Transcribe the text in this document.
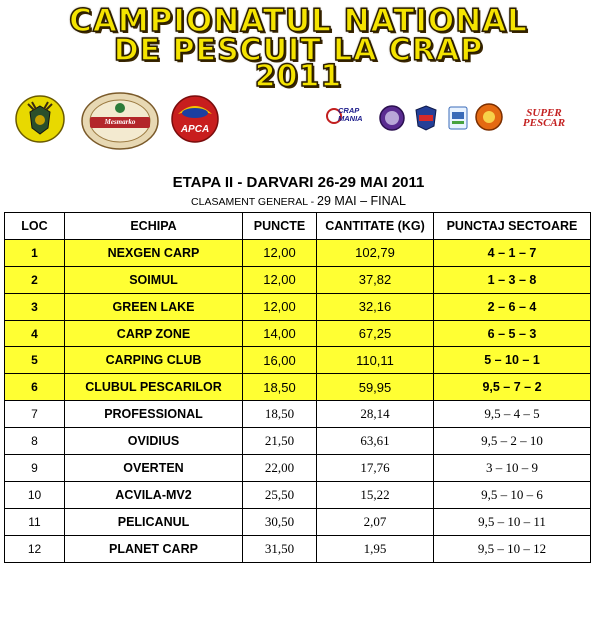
CAMPIONATUL NATIONAL
DE PESCUIT LA CRAP
2011
Mesmarko
APCA
CRAP MANIA	SUPER PESCAR
ETAPA II - DARVARI 26-29 MAI 2011
CLASAMENT GENERAL - 29 MAI – FINAL
LOC	ECHIPA	PUNCTE	CANTITATE (KG)	PUNCTAJ SECTOARE
1	NEXGEN CARP	12,00	102,79	4 – 1 – 7
2	SOIMUL	12,00	37,82	1 – 3 – 8
3	GREEN LAKE	12,00	32,16	2 – 6 – 4
4	CARP ZONE	14,00	67,25	6 – 5 – 3
5	CARPING CLUB	16,00	110,11	5 – 10 – 1
6	CLUBUL PESCARILOR	18,50	59,95	9,5 – 7 – 2
7	PROFESSIONAL	18,50	28,14	9,5 – 4 – 5
8	OVIDIUS	21,50	63,61	9,5 – 2 – 10
9	OVERTEN	22,00	17,76	3 – 10 – 9
10	ACVILA-MV2	25,50	15,22	9,5 – 10 – 6
11	PELICANUL	30,50	2,07	9,5 – 10 – 11
12	PLANET CARP	31,50	1,95	9,5 – 10 – 12
